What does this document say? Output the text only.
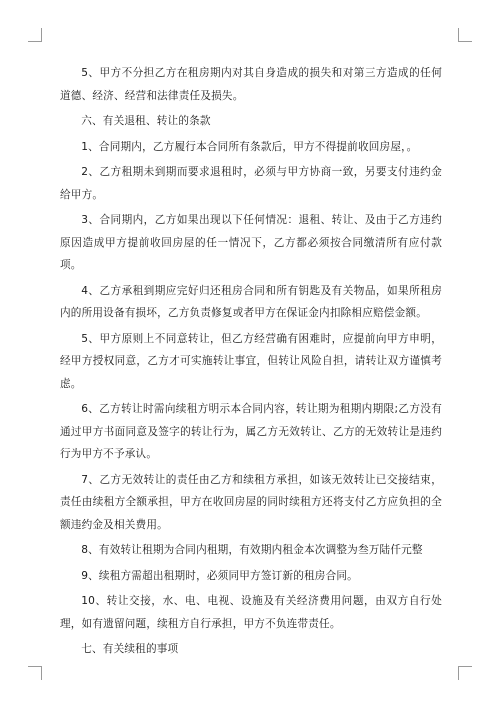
5、甲方不分担乙方在租房期内对其自身造成的损失和对第三方造成的任何道德、经济、经营和法律责任及损失。

六、有关退租、转让的条款

1、合同期内，乙方履行本合同所有条款后，甲方不得提前收回房屋，。

2、乙方租期未到期而要求退租时，必须与甲方协商一致，另要支付违约金给甲方。

3、合同期内，乙方如果出现以下任何情况：退租、转让、及由于乙方违约原因造成甲方提前收回房屋的任一情况下，乙方都必须按合同缴清所有应付款项。

4、乙方承租到期应完好归还租房合同和所有钥匙及有关物品，如果所租房内的所用设备有损坏，乙方负责修复或者甲方在保证金内扣除相应赔偿金额。

5、甲方原则上不同意转让，但乙方经营确有困难时，应提前向甲方申明，经甲方授权同意，乙方才可实施转让事宜，但转让风险自担，请转让双方谨慎考虑。

6、乙方转让时需向续租方明示本合同内容，转让期为租期内期限;乙方没有通过甲方书面同意及签字的转让行为，属乙方无效转让、乙方的无效转让是违约行为甲方不予承认。

7、乙方无效转让的责任由乙方和续租方承担，如该无效转让已交接结束，责任由续租方全额承担，甲方在收回房屋的同时续租方还将支付乙方应负担的全额违约金及相关费用。

8、有效转让租期为合同内租期，有效期内租金本次调整为叁万陆仟元整

9、续租方需超出租期时，必须同甲方签订新的租房合同。

10、转让交接，水、电、电视、设施及有关经济费用问题，由双方自行处理，如有遗留问题，续租方自行承担，甲方不负连带责任。

七、有关续租的事项
